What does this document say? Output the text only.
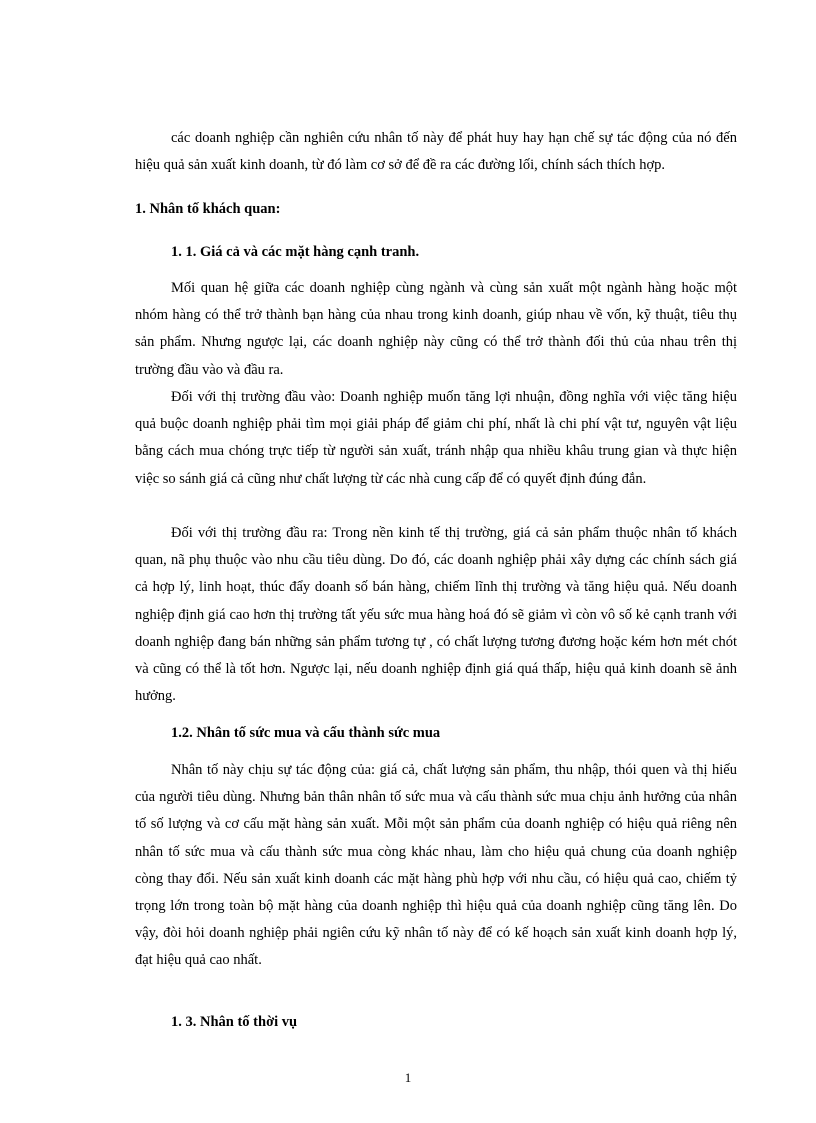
các doanh nghiệp cần nghiên cứu nhân tố này để phát huy hay hạn chế sự tác động của nó đến hiệu quả sản xuất kinh doanh, từ đó làm cơ sở để đề ra các đường lối, chính sách thích hợp.

1. Nhân tố khách quan:
1. 1. Giá cả và các mặt hàng cạnh tranh.

Mối quan hệ giữa các doanh nghiệp cùng ngành và cùng sản xuất một ngành hàng hoặc một nhóm hàng có thể trở thành bạn hàng của nhau trong kinh doanh, giúp nhau về vốn, kỹ thuật, tiêu thụ sản phẩm. Nhưng ngược lại, các doanh nghiệp này cũng có thể trở thành đối thủ của nhau trên thị trường đầu vào và đầu ra.

Đối với thị trường đầu vào: Doanh nghiệp muốn tăng lợi nhuận, đồng nghĩa với việc tăng hiệu quả buộc doanh nghiệp phải tìm mọi giải pháp để giảm chi phí, nhất là chi phí vật tư, nguyên vật liệu bằng cách mua chóng trực tiếp từ người sản xuất, tránh nhập qua nhiều khâu trung gian và thực hiện việc so sánh giá cả cũng như chất lượng từ các nhà cung cấp để có quyết định đúng đắn.

Đối với thị trường đầu ra: Trong nền kinh tế thị trường, giá cả sản phẩm thuộc nhân tố khách quan, nã phụ thuộc vào nhu cầu tiêu dùng. Do đó, các doanh nghiệp phải xây dựng các chính sách giá cả hợp lý, linh hoạt, thúc đẩy doanh số bán hàng, chiếm lĩnh thị trường và tăng hiệu quả. Nếu doanh nghiệp định giá cao hơn thị trường tất yếu sức mua hàng hoá đó sẽ giảm vì còn vô số kẻ cạnh tranh với doanh nghiệp đang bán những sản phẩm tương tự , có chất lượng tương đương hoặc kém hơn mét chót và cũng có thể là tốt hơn. Ngược lại, nếu doanh nghiệp định giá quá thấp, hiệu quả kinh doanh sẽ ảnh hưởng.

1.2. Nhân tố sức mua và cấu thành sức mua

Nhân tố này chịu sự tác động của: giá cả, chất lượng sản phẩm, thu nhập, thói quen và thị hiếu của người tiêu dùng. Nhưng bản thân nhân tố sức mua và cấu thành sức mua chịu ảnh hưởng của nhân tố số lượng và cơ cấu mặt hàng sản xuất. Mỗi một sản phẩm của doanh nghiệp có hiệu quả riêng nên nhân tố sức mua và cấu thành sức mua còng khác nhau, làm cho hiệu quả chung của doanh nghiệp còng thay đổi. Nếu sản xuất kinh doanh các mặt hàng phù hợp với nhu cầu, có hiệu quả cao, chiếm tỷ trọng lớn trong toàn bộ mặt hàng của doanh nghiệp thì hiệu quả của doanh nghiệp cũng tăng lên. Do vậy, đòi hỏi doanh nghiệp phải ngiên cứu kỹ nhân tố này để có kế hoạch sản xuất kinh doanh hợp lý, đạt hiệu quả cao nhất.

1. 3. Nhân tố thời vụ
1
